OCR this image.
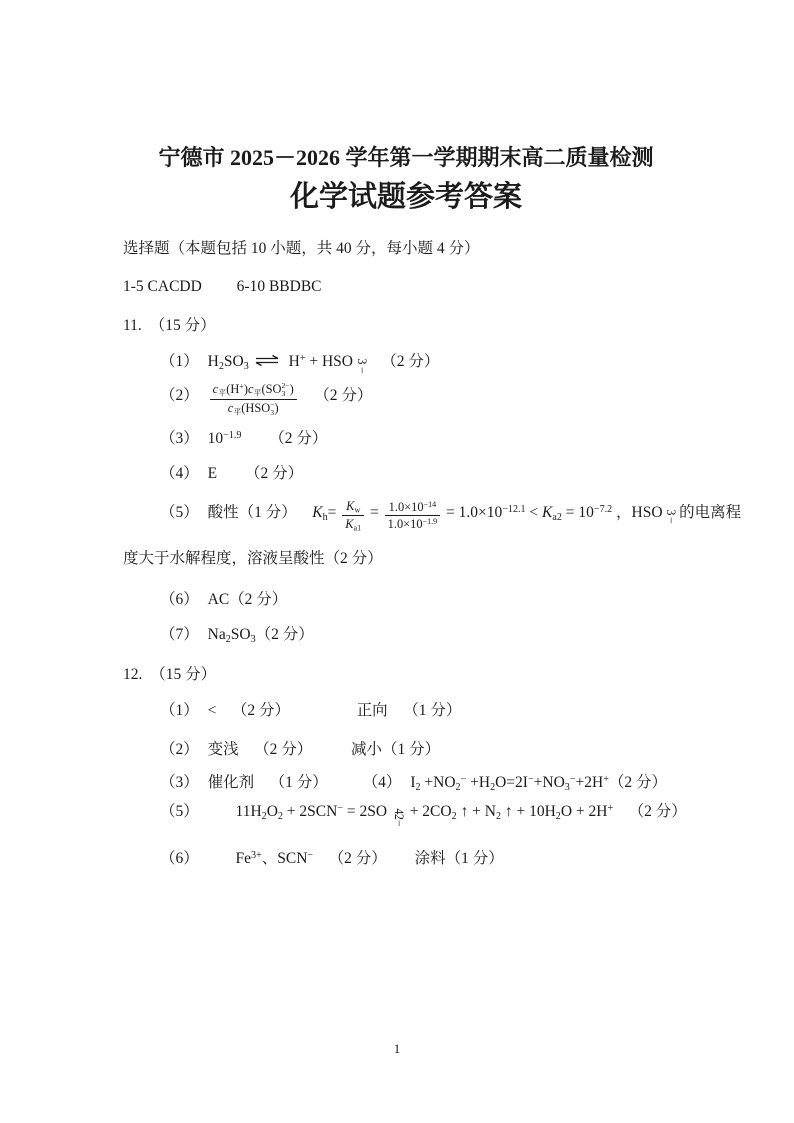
宁德市 2025－2026 学年第一学期期末高二质量检测
化学试题参考答案
选择题（本题包括 10 小题，共 40 分，每小题 4 分）
1-5 CACDD 6-10 BBDBC
11. （15 分）
（1） H2SO3 ⇌ H+ + HSO
3
−
（2 分）
（2） c平(H+)c平(SO 2−
3 )
c平(HSO −
3 ) （2 分）
（3） $10^{-1.9}$ （2 分）
（4） E （2 分）
（5） 酸性（1 分） $Kh= \frac{Kw}{Ka1} = \frac{1.0\times 10^{-14}}{1.0\times 10^{-1.9}} = 1.0\times 10^{-12.1} < Ka2 = 10^{-7.2}$ ，HSO
3
−
的电离程
度大于水解程度，溶液呈酸性（2 分）
（6） AC（2 分）
（7） Na2SO3（2 分）
12. （15 分）
（1） < （2 分）	正向 （1 分）
（2） 变浅 （2 分）	减小（1 分）
（3） 催化剂 （1 分） （4） I2 +NO2− +H2O=2I−+NO3−+2H+（2 分）
（5） 11H2O2 + 2SCN− = 2SO 4
2−
+ 2CO2 ↑ + N2 ↑ + 10H2O + 2H+ （2 分）
（6） $Fe^{3+}$、SCN− （2 分） 涂料（1 分）
1
